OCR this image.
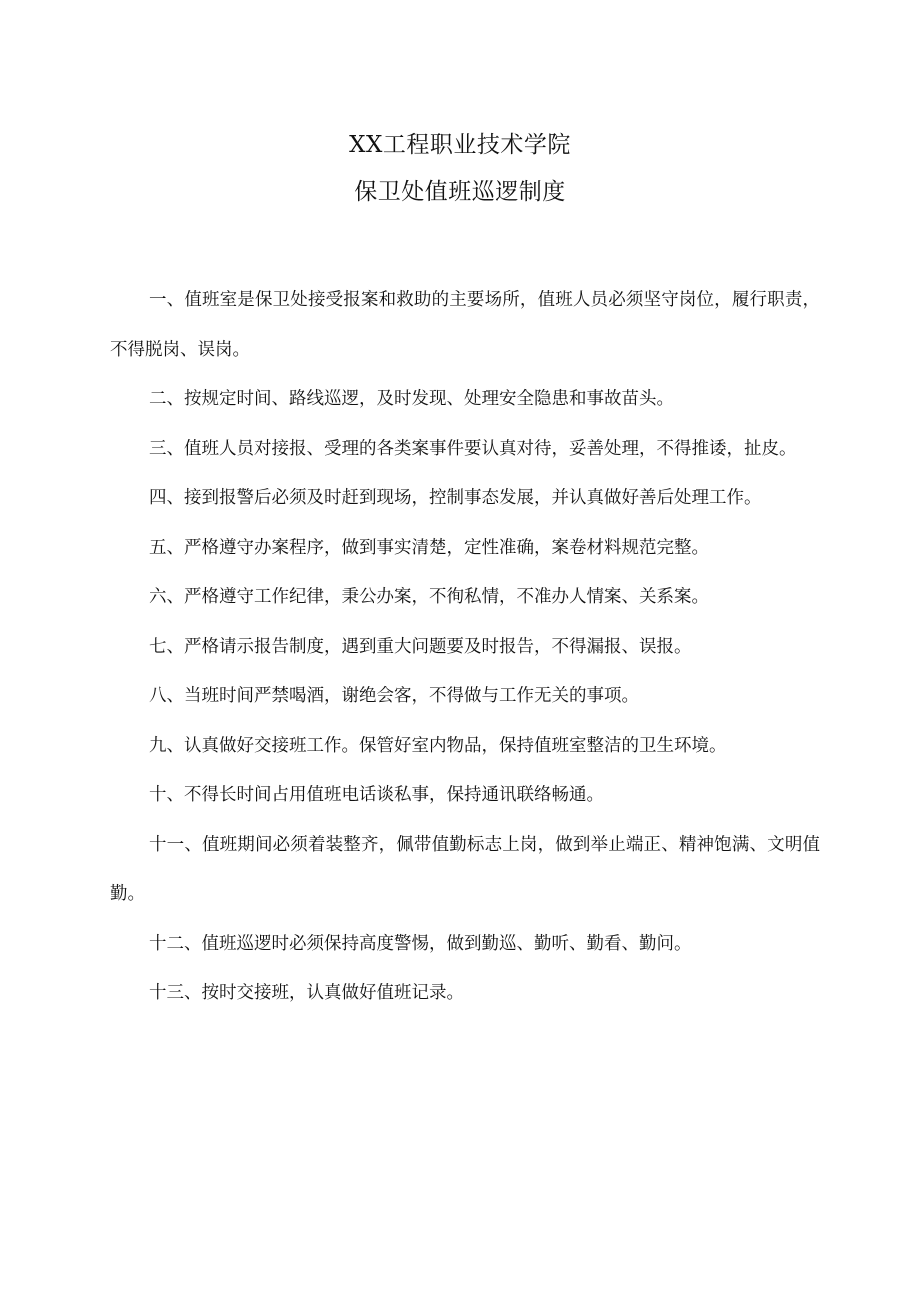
XX工程职业技术学院
保卫处值班巡逻制度

一、值班室是保卫处接受报案和救助的主要场所，值班人员必须坚守岗位，履行职责，不得脱岗、误岗。

二、按规定时间、路线巡逻，及时发现、处理安全隐患和事故苗头。

三、值班人员对接报、受理的各类案事件要认真对待，妥善处理，不得推诿，扯皮。

四、接到报警后必须及时赶到现场，控制事态发展，并认真做好善后处理工作。

五、严格遵守办案程序，做到事实清楚，定性准确，案卷材料规范完整。

六、严格遵守工作纪律，秉公办案，不徇私情，不准办人情案、关系案。

七、严格请示报告制度，遇到重大问题要及时报告，不得漏报、误报。

八、当班时间严禁喝酒，谢绝会客，不得做与工作无关的事项。

九、认真做好交接班工作。保管好室内物品，保持值班室整洁的卫生环境。

十、不得长时间占用值班电话谈私事，保持通讯联络畅通。

十一、值班期间必须着装整齐，佩带值勤标志上岗，做到举止端正、精神饱满、文明值勤。

十二、值班巡逻时必须保持高度警惕，做到勤巡、勤听、勤看、勤问。

十三、按时交接班，认真做好值班记录。
